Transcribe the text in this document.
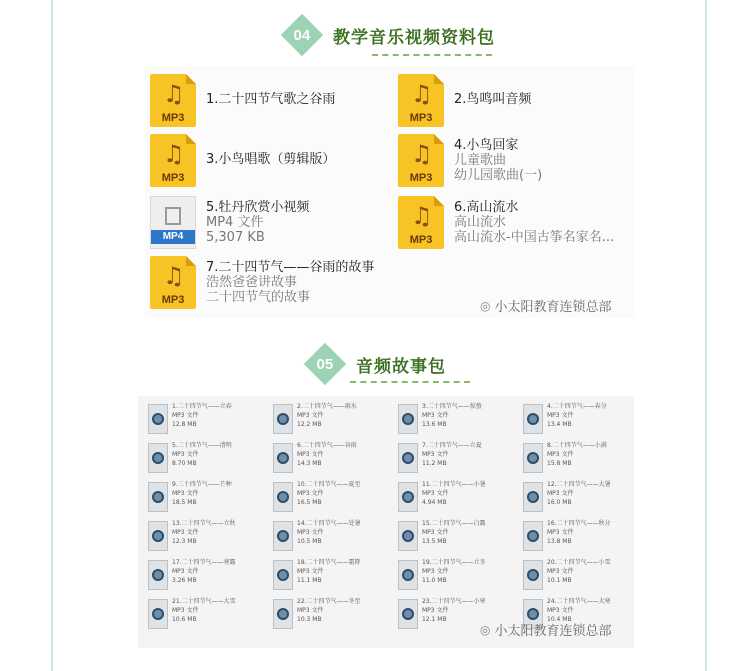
04 教学音乐视频资料包
♫
MP3
1.二十四节气歌之谷雨	♫
MP3
2.鸟鸣叫音频
♫
MP3
3.小鸟唱歌（剪辑版）	♫
MP3
4.小鸟回家
儿童歌曲
幼儿园歌曲(一)
MP4
5.牡丹欣赏小视频
MP4 文件
5,307 KB
♫
MP3
6.高山流水
高山流水
高山流水-中国古筝名家名...
♫
MP3
7.二十四节气——谷雨的故事
浩然爸爸讲故事
二十四节气的故事
◎ 小太阳教育连锁总部
05 音频故事包
1.二十四节气——立春
MP3 文件
12.8 MB
2.二十四节气——雨水
MP3 文件
12.2 MB
3.二十四节气——惊蛰
MP3 文件
13.6 MB
4.二十四节气——春分
MP3 文件
13.4 MB
5.二十四节气——清明
MP3 文件
8.70 MB
6.二十四节气——谷雨
MP3 文件
14.3 MB
7.二十四节气——立夏
MP3 文件
11.2 MB
8.二十四节气——小满
MP3 文件
15.8 MB
9.二十四节气——芒种
MP3 文件
18.5 MB
10.二十四节气——夏至
MP3 文件
16.5 MB
11.二十四节气——小暑
MP3 文件
4.94 MB
12.二十四节气——大暑
MP3 文件
16.0 MB
13.二十四节气——立秋
MP3 文件
12.3 MB
14.二十四节气——处暑
MP3 文件
10.5 MB
15.二十四节气——白露
MP3 文件
13.5 MB
16.二十四节气——秋分
MP3 文件
13.8 MB
17.二十四节气——寒露
MP3 文件
3.26 MB
18.二十四节气——霜降
MP3 文件
11.1 MB
19.二十四节气——立冬
MP3 文件
11.0 MB
20.二十四节气——小雪
MP3 文件
10.1 MB
21.二十四节气——大雪
MP3 文件
10.6 MB
22.二十四节气——冬至
MP3 文件
10.3 MB
23.二十四节气——小寒
MP3 文件
12.1 MB
24.二十四节气——大寒
MP3 文件
10.4 MB
◎ 小太阳教育连锁总部
